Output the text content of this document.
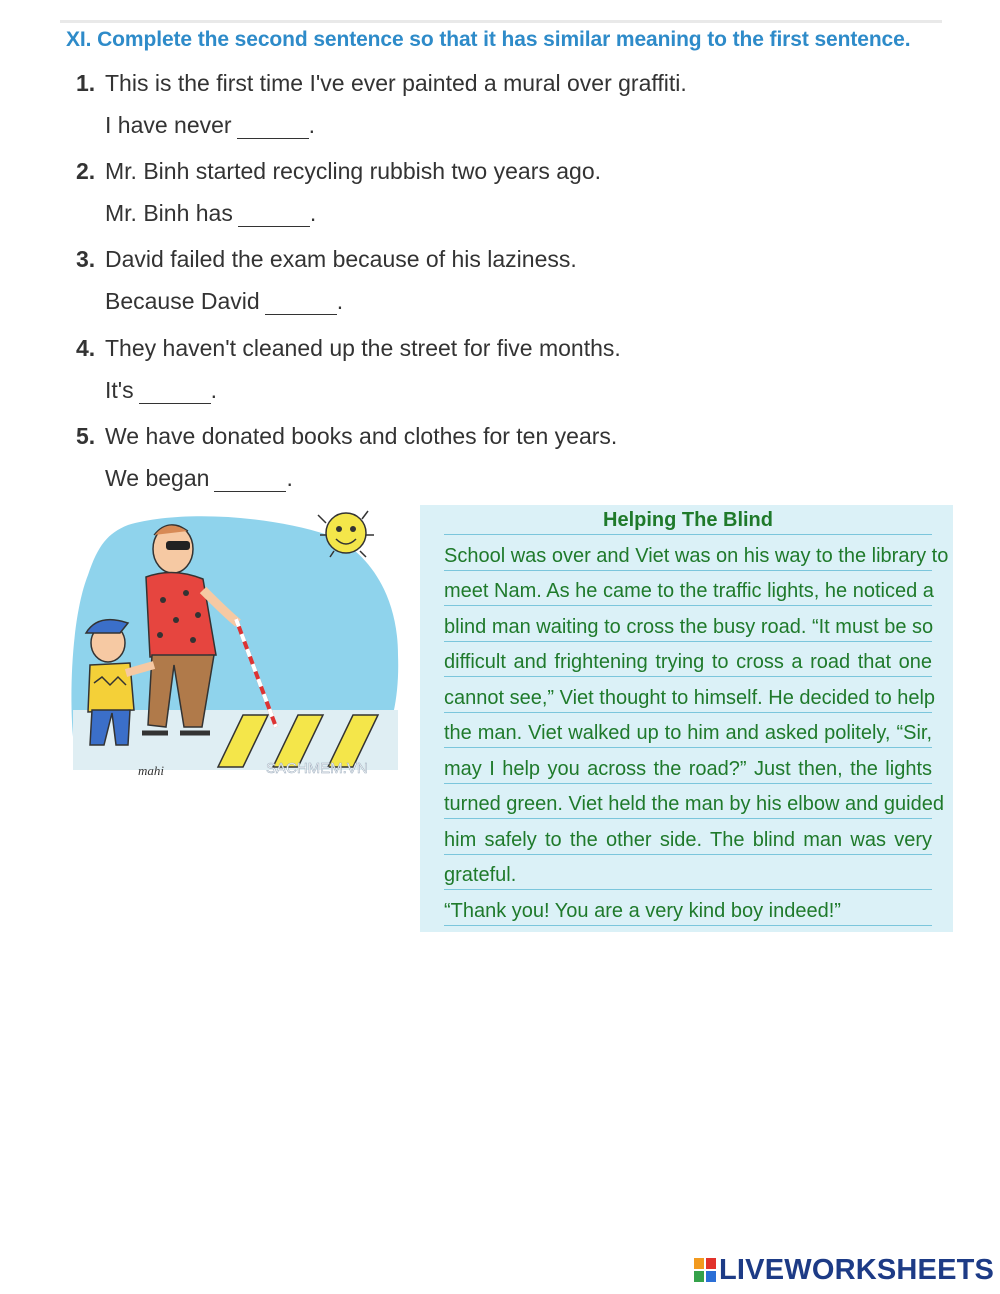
XI. Complete the second sentence so that it has similar meaning to the first sentence.
1. This is the first time I've ever painted a mural over graffiti.
I have never	.
2. Mr. Binh started recycling rubbish two years ago.
Mr. Binh has	.
3. David failed the exam because of his laziness.
Because David	.
4. They haven't cleaned up the street for five months.
It's	.
5. We have donated books and clothes for ten years.
We began	.
SACHMEM.VN
mahi
Helping The Blind
School was over and Viet was on his way to the library to
meet Nam. As he came to the traffic lights, he noticed a
blind man waiting to cross the busy road. “It must be so
difficult and frightening trying to cross a road that one
cannot see,” Viet thought to himself. He decided to help
the man. Viet walked up to him and asked politely, “Sir,
may I help you across the road?” Just then, the lights
turned green. Viet held the man by his elbow and guided
him safely to the other side. The blind man was very
grateful.
“Thank you! You are a very kind boy indeed!”
LIVEWORKSHEETS
